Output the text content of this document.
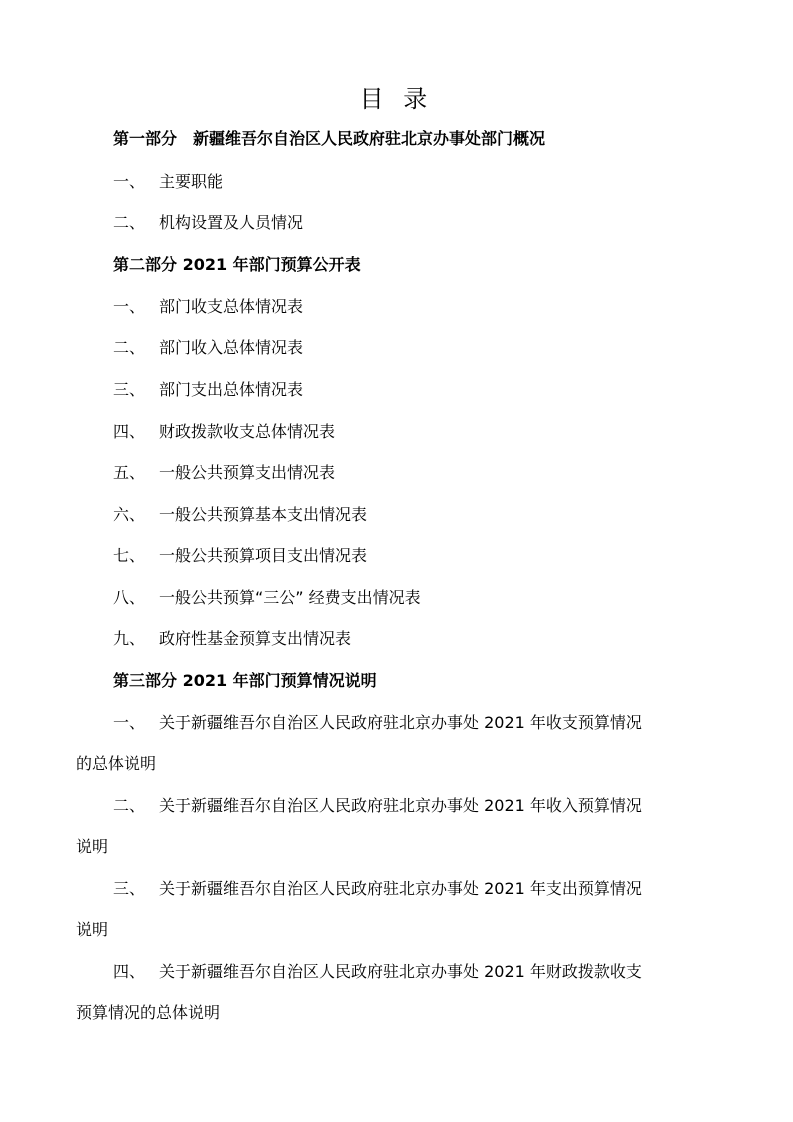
目 录
第一部分　新疆维吾尔自治区人民政府驻北京办事处部门概况
一、 主要职能
二、 机构设置及人员情况
第二部分 2021 年部门预算公开表
一、 部门收支总体情况表
二、 部门收入总体情况表
三、 部门支出总体情况表
四、 财政拨款收支总体情况表
五、 一般公共预算支出情况表
六、 一般公共预算基本支出情况表
七、 一般公共预算项目支出情况表
八、 一般公共预算“三公” 经费支出情况表
九、 政府性基金预算支出情况表
第三部分 2021 年部门预算情况说明
一、 关于新疆维吾尔自治区人民政府驻北京办事处 2021 年收支预算情况
的总体说明
二、 关于新疆维吾尔自治区人民政府驻北京办事处 2021 年收入预算情况
说明
三、 关于新疆维吾尔自治区人民政府驻北京办事处 2021 年支出预算情况
说明
四、 关于新疆维吾尔自治区人民政府驻北京办事处 2021 年财政拨款收支
预算情况的总体说明
